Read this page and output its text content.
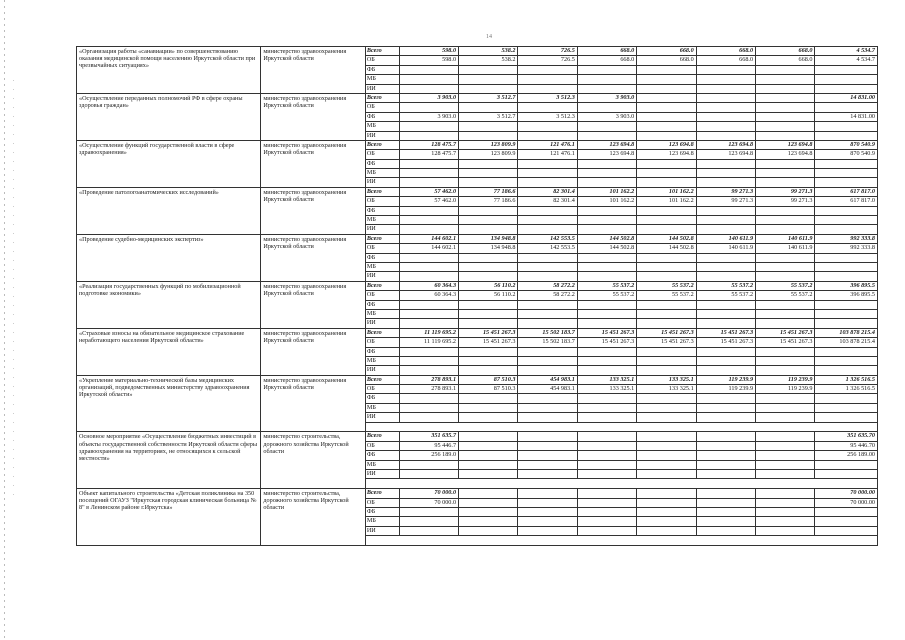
14
«Организация работы «санавиации» по совершенствованию оказания медицинской помощи населению Иркутской области при чрезвычайных ситуациях»	министерство здравоохранения Иркутской области	Всего	598.0	538.2	726.5	668.0	668.0	668.0	668.0	4 534.7
		ОБ	598.0	538.2	726.5	668.0	668.0	668.0	668.0	4 534.7
		ФБ								
		МБ								
		ИИ								
«Осуществление переданных полномочий РФ в сфере охраны здоровья граждан»	министерство здравоохранения Иркутской области	Всего	3 903.0	3 512.7	3 512.3	3 903.0				14 831.00
		ОБ								
		ФБ	3 903.0	3 512.7	3 512.3	3 903.0				14 831.00
		МБ								
		ИИ								
«Осуществление функций государственной власти в сфере здравоохранения»	министерство здравоохранения Иркутской области	Всего	128 475.7	123 809.9	121 476.1	123 694.8	123 694.8	123 694.8	123 694.8	870 540.9
		ОБ	128 475.7	123 809.9	121 476.1	123 694.8	123 694.8	123 694.8	123 694.8	870 540.9
		ФБ								
		МБ								
		ИИ								
«Проведение патологоанатомических исследований»	министерство здравоохранения Иркутской области	Всего	57 462.0	77 186.6	82 301.4	101 162.2	101 162.2	99 271.3	99 271.3	617 817.0
		ОБ	57 462.0	77 186.6	82 301.4	101 162.2	101 162.2	99 271.3	99 271.3	617 817.0
		ФБ								
		МБ								
		ИИ								
«Проведение судебно-медицинских экспертиз»	министерство здравоохранения Иркутской области	Всего	144 602.1	134 948.8	142 553.5	144 502.8	144 502.8	140 611.9	140 611.9	992 333.8
		ОБ	144 602.1	134 948.8	142 553.5	144 502.8	144 502.8	140 611.9	140 611.9	992 333.8
		ФБ								
		МБ								
		ИИ								
«Реализация государственных функций по мобилизационной подготовке экономики»	министерство здравоохранения Иркутской области	Всего	60 364.3	56 110.2	58 272.2	55 537.2	55 537.2	55 537.2	55 537.2	396 895.5
		ОБ	60 364.3	56 110.2	58 272.2	55 537.2	55 537.2	55 537.2	55 537.2	396 895.5
		ФБ								
		МБ								
		ИИ								
«Страховые взносы на обязательное медицинское страхование неработающего населения Иркутской области»	министерство здравоохранения Иркутской области	Всего	11 119 695.2	15 451 267.3	15 502 183.7	15 451 267.3	15 451 267.3	15 451 267.3	15 451 267.3	103 878 215.4
		ОБ	11 119 695.2	15 451 267.3	15 502 183.7	15 451 267.3	15 451 267.3	15 451 267.3	15 451 267.3	103 878 215.4
		ФБ								
		МБ								
		ИИ								
«Укрепление материально-технической базы медицинских организаций, подведомственных министерству здравоохранения Иркутской области»	министерство здравоохранения Иркутской области	Всего	278 893.1	87 510.3	454 983.1	133 325.1	133 325.1	119 239.9	119 239.9	1 326 516.5
		ОБ	278 893.1	87 510.3	454 983.1	133 325.1	133 325.1	119 239.9	119 239.9	1 326 516.5
		ФБ								
		МБ								
		ИИ								

Основное мероприятие «Осуществление бюджетных инвестиций в объекты государственной собственности Иркутской области сферы здравоохранения на территориях, не относящихся к сельской местности»	министерство строительства, дорожного хозяйства Иркутской области	Всего	351 635.7							351 635.70
		ОБ	95 446.7							95 446.70
		ФБ	256 189.0							256 189.00
		МБ								
		ИИ								

Объект капитального строительства «Детская поликлиника на 350 посещений ОГАУЗ "Иркутская городская клиническая больница № 8" в Ленинском районе г.Иркутска»	министерство строительства, дорожного хозяйства Иркутской области	Всего	70 000.0							70 000.00
		ОБ	70 000.0							70 000.00
		ФБ								
		МБ								
		ИИ								
